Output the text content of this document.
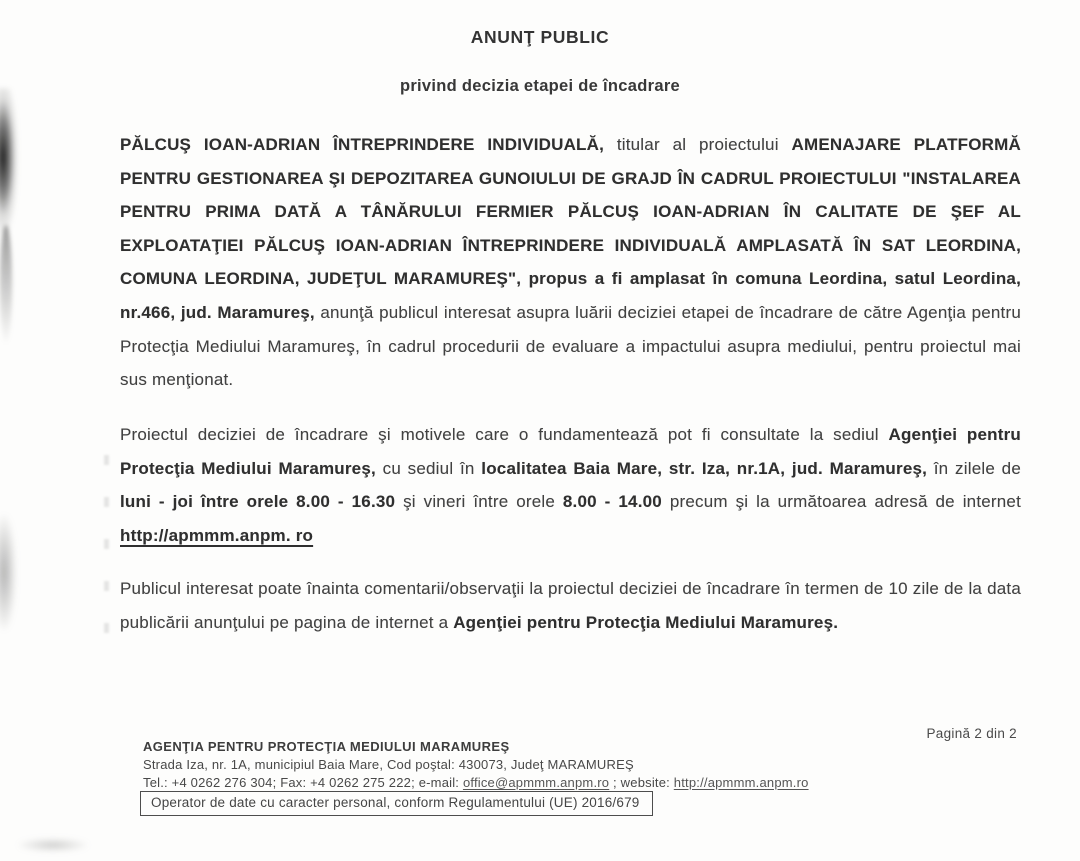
ANUNŢ PUBLIC
privind decizia etapei de încadrare

PĂLCUŞ IOAN-ADRIAN ÎNTREPRINDERE INDIVIDUALĂ, titular al proiectului AMENAJARE PLATFORMĂ PENTRU GESTIONAREA ŞI DEPOZITAREA GUNOIULUI DE GRAJD ÎN CADRUL PROIECTULUI "INSTALAREA PENTRU PRIMA DATĂ A TÂNĂRULUI FERMIER PĂLCUŞ IOAN-ADRIAN ÎN CALITATE DE ŞEF AL EXPLOATAŢIEI PĂLCUŞ IOAN-ADRIAN ÎNTREPRINDERE INDIVIDUALĂ AMPLASATĂ ÎN SAT LEORDINA, COMUNA LEORDINA, JUDEŢUL MARAMUREŞ", propus a fi amplasat în comuna Leordina, satul Leordina, nr.466, jud. Maramureş, anunţă publicul interesat asupra luării deciziei etapei de încadrare de către Agenţia pentru Protecţia Mediului Maramureş, în cadrul procedurii de evaluare a impactului asupra mediului, pentru proiectul mai sus menţionat.

Proiectul deciziei de încadrare şi motivele care o fundamentează pot fi consultate la sediul Agenţiei pentru Protecţia Mediului Maramureş, cu sediul în localitatea Baia Mare, str. Iza, nr.1A, jud. Maramureş, în zilele de luni - joi între orele 8.00 - 16.30 şi vineri între orele 8.00 - 14.00 precum şi la următoarea adresă de internet http://apmmm.anpm. ro

Publicul interesat poate înainta comentarii/observaţii la proiectul deciziei de încadrare în termen de 10 zile de la data publicării anunţului pe pagina de internet a Agenţiei pentru Protecţia Mediului Maramureş.

Pagină 2 din 2
AGENŢIA PENTRU PROTECŢIA MEDIULUI MARAMUREŞ
Strada Iza, nr. 1A, municipiul Baia Mare, Cod poştal: 430073, Judeţ MARAMUREŞ
Tel.: +4 0262 276 304; Fax: +4 0262 275 222; e-mail: office@apmmm.anpm.ro ; website: http://apmmm.anpm.ro
Operator de date cu caracter personal, conform Regulamentului (UE) 2016/679
